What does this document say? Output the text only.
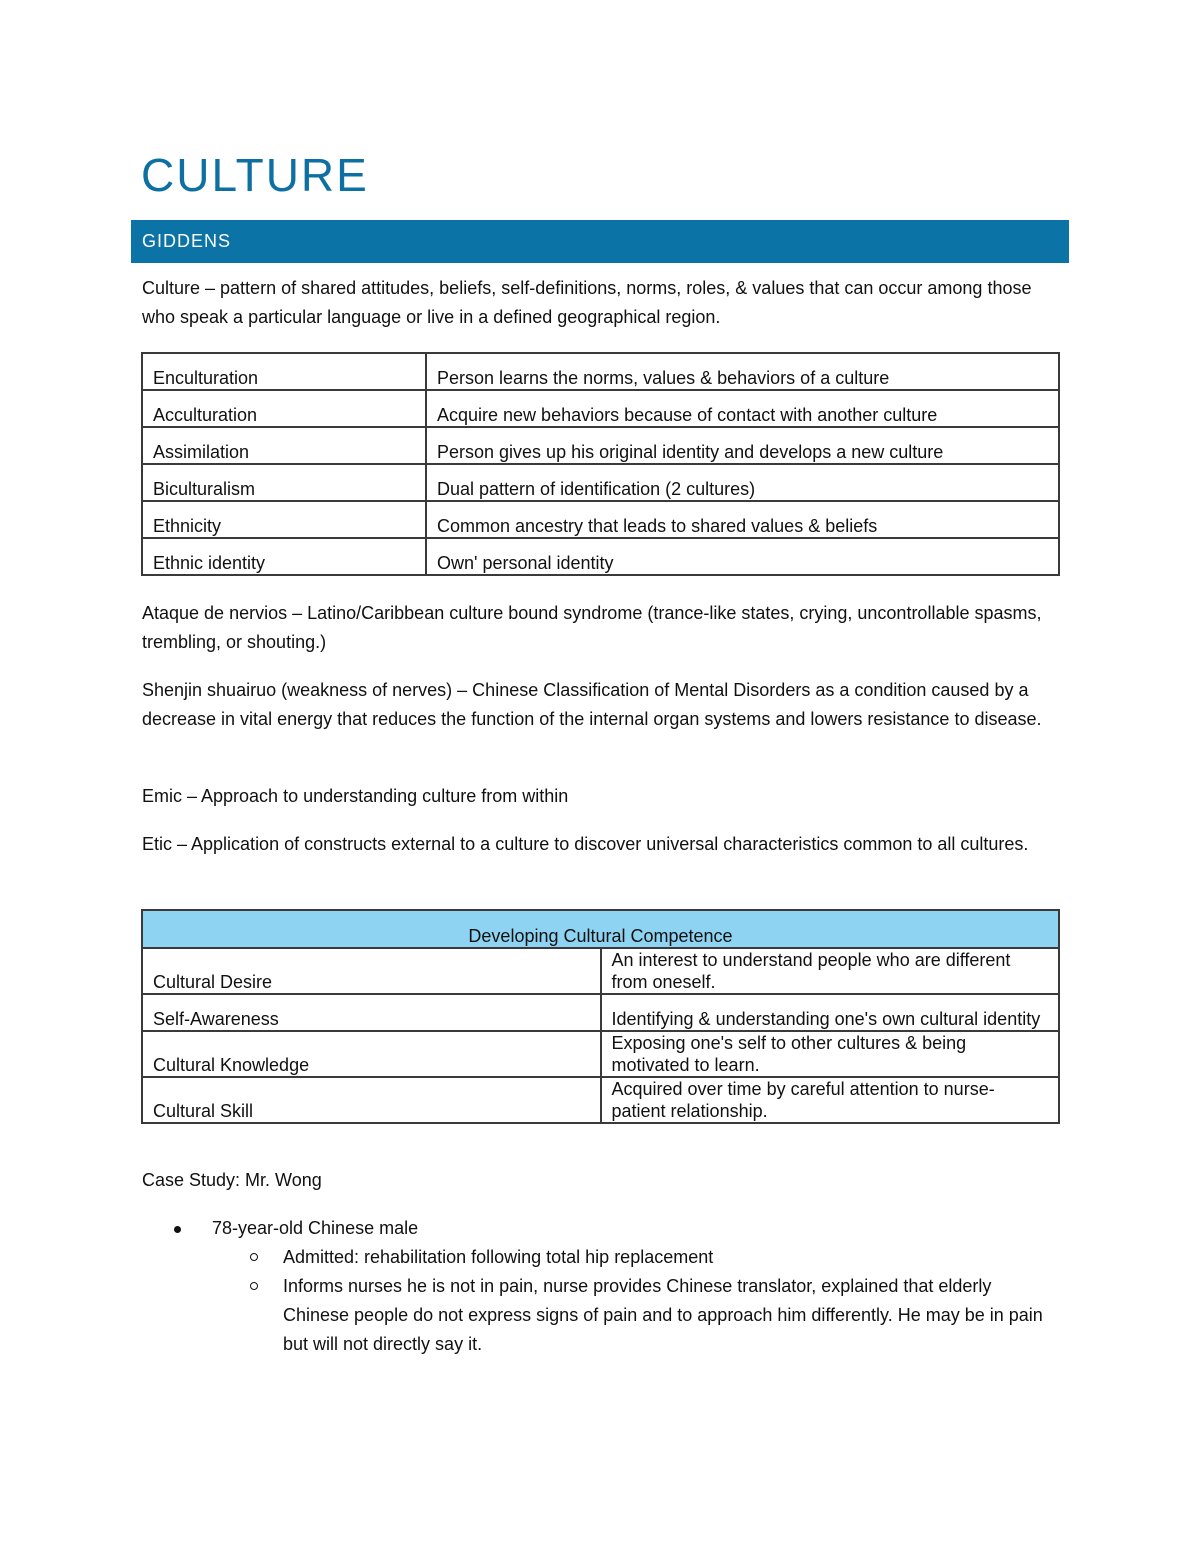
CULTURE
GIDDENS

Culture – pattern of shared attitudes, beliefs, self-definitions, norms, roles, & values that can occur among those who speak a particular language or live in a defined geographical region.

Enculturation	Person learns the norms, values & behaviors of a culture
Acculturation	Acquire new behaviors because of contact with another culture
Assimilation	Person gives up his original identity and develops a new culture
Biculturalism	Dual pattern of identification (2 cultures)
Ethnicity	Common ancestry that leads to shared values & beliefs
Ethnic identity	Own' personal identity

Ataque de nervios – Latino/Caribbean culture bound syndrome (trance-like states, crying, uncontrollable spasms, trembling, or shouting.)

Shenjin shuairuo (weakness of nerves) – Chinese Classification of Mental Disorders as a condition caused by a decrease in vital energy that reduces the function of the internal organ systems and lowers resistance to disease.

Emic – Approach to understanding culture from within

Etic – Application of constructs external to a culture to discover universal characteristics common to all cultures.

Developing Cultural Competence	
Cultural Desire	An interest to understand people who are different from oneself.
Self-Awareness	Identifying & understanding one's own cultural identity
Cultural Knowledge	Exposing one's self to other cultures & being motivated to learn.
Cultural Skill	Acquired over time by careful attention to nurse-patient relationship.

Case Study: Mr. Wong

78-year-old Chinese male
Admitted: rehabilitation following total hip replacement
Informs nurses he is not in pain, nurse provides Chinese translator, explained that elderly Chinese people do not express signs of pain and to approach him differently. He may be in pain but will not directly say it.
